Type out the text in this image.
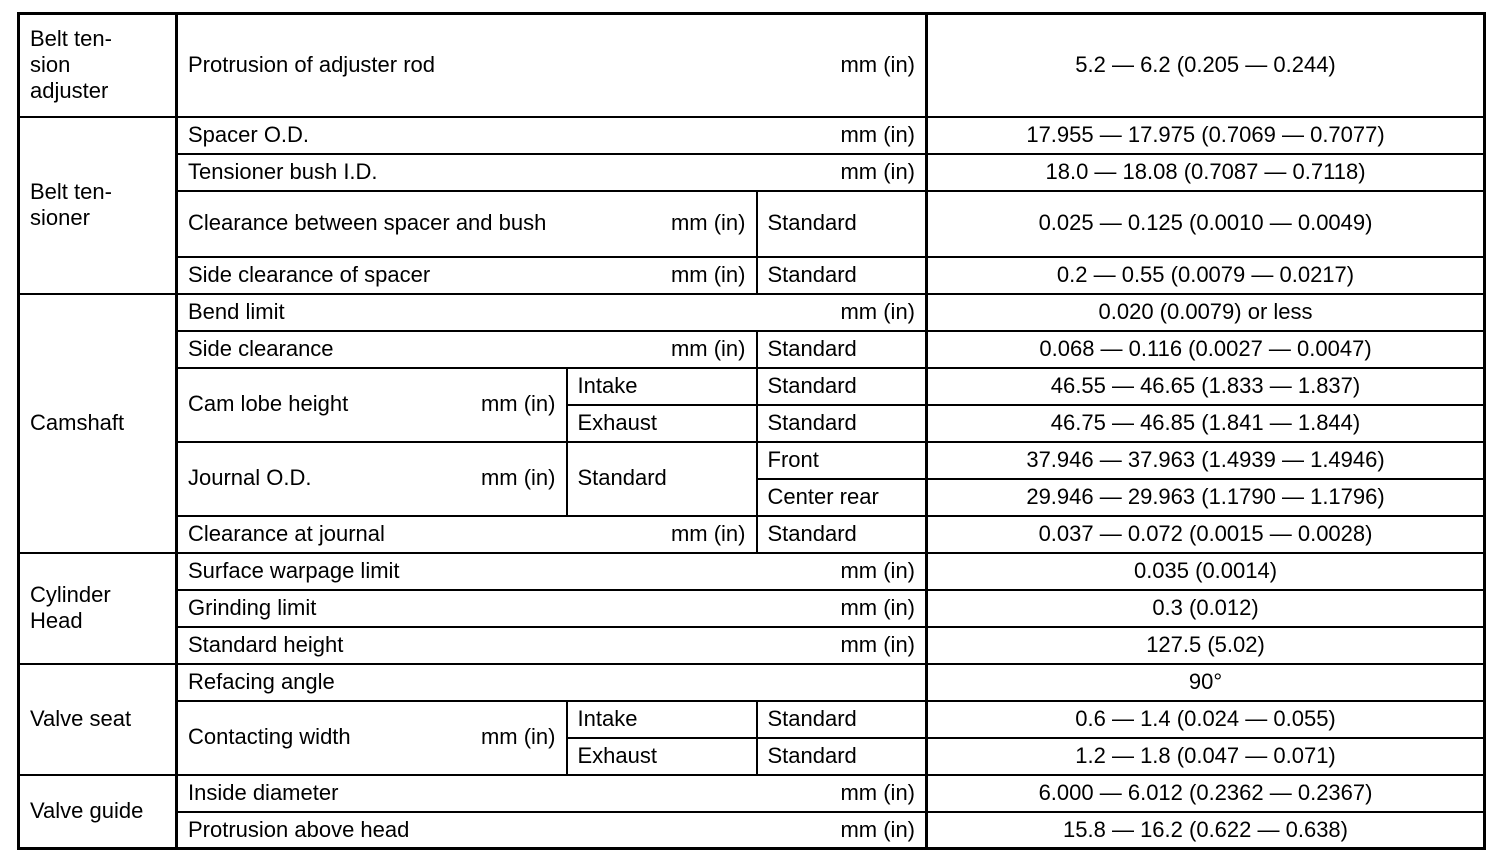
Belt ten-
sion
adjuster	Protrusion of adjuster rod mm (in)			5.2 — 6.2 (0.205 — 0.244)
Belt ten-
sioner	Spacer O.D. mm (in)			17.955 — 17.975 (0.7069 — 0.7077)

	Tensioner bush I.D. mm (in)			18.0 — 18.08 (0.7087 — 0.7118)

	Clearance between spacer and bush mm (in)		Standard	0.025 — 0.125 (0.0010 — 0.0049)

	Side clearance of spacer mm (in)		Standard	0.2 — 0.55 (0.0079 — 0.0217)
Camshaft	Bend limit mm (in)			0.020 (0.0079) or less

	Side clearance mm (in)		Standard	0.068 — 0.116 (0.0027 — 0.0047)

	Cam lobe height mm (in)	Intake	Standard	46.55 — 46.65 (1.833 — 1.837)
		Exhaust	Standard	46.75 — 46.85 (1.841 — 1.844)

	Journal O.D. mm (in)	Standard	Front	37.946 — 37.963 (1.4939 — 1.4946)
			Center rear	29.946 — 29.963 (1.1790 — 1.1796)

	Clearance at journal mm (in)		Standard	0.037 — 0.072 (0.0015 — 0.0028)
Cylinder
Head	Surface warpage limit mm (in)			0.035 (0.0014)

	Grinding limit mm (in)			0.3 (0.012)

	Standard height mm (in)			127.5 (5.02)
Valve seat	Refacing angle			90°

	Contacting width mm (in)	Intake	Standard	0.6 — 1.4 (0.024 — 0.055)
		Exhaust	Standard	1.2 — 1.8 (0.047 — 0.071)
Valve guide	Inside diameter mm (in)			6.000 — 6.012 (0.2362 — 0.2367)

	Protrusion above head mm (in)			15.8 — 16.2 (0.622 — 0.638)
